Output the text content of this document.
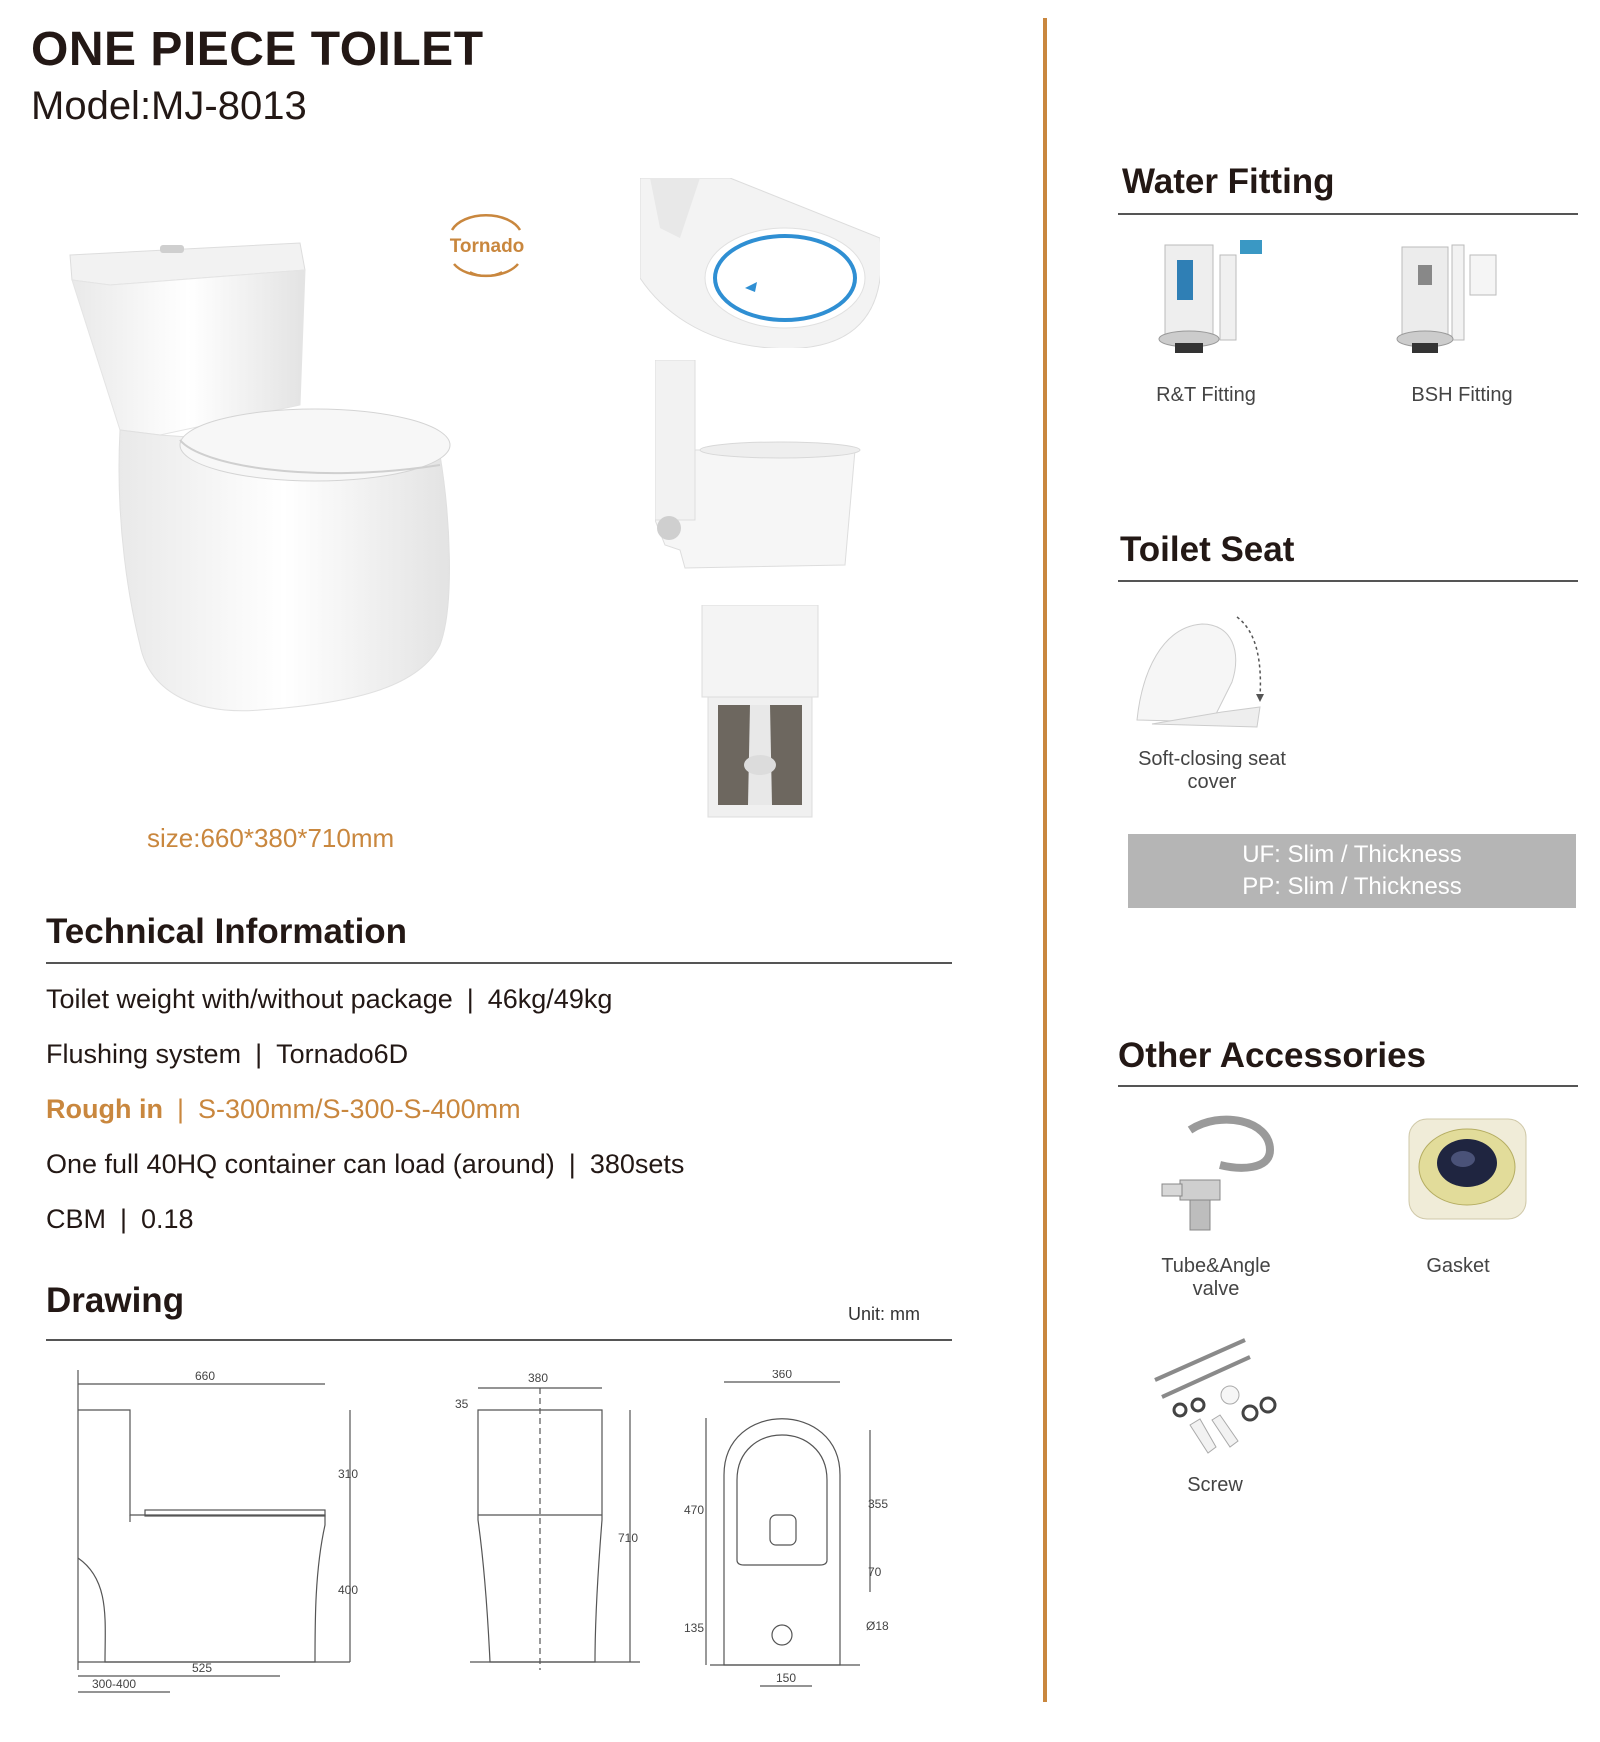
ONE PIECE TOILET
Model:MJ-8013
Tornado
size:660*380*710mm
Technical Information
Toilet weight with/without package | 46kg/49kg
Flushing system | Tornado6D
Rough in | S-300mm/S-300-S-400mm
One full 40HQ container can load (around) | 380sets
CBM | 0.18
Drawing	Unit: mm
660
310
400
525
300-400
380
35
710
360
470	355
70
135	Ø18
150
Water Fitting
R&T Fitting	BSH Fitting
Toilet Seat
Soft-closing seat
cover
UF: Slim / Thickness
PP: Slim / Thickness
Other Accessories
Tube&Angle
valve
Gasket
Screw
